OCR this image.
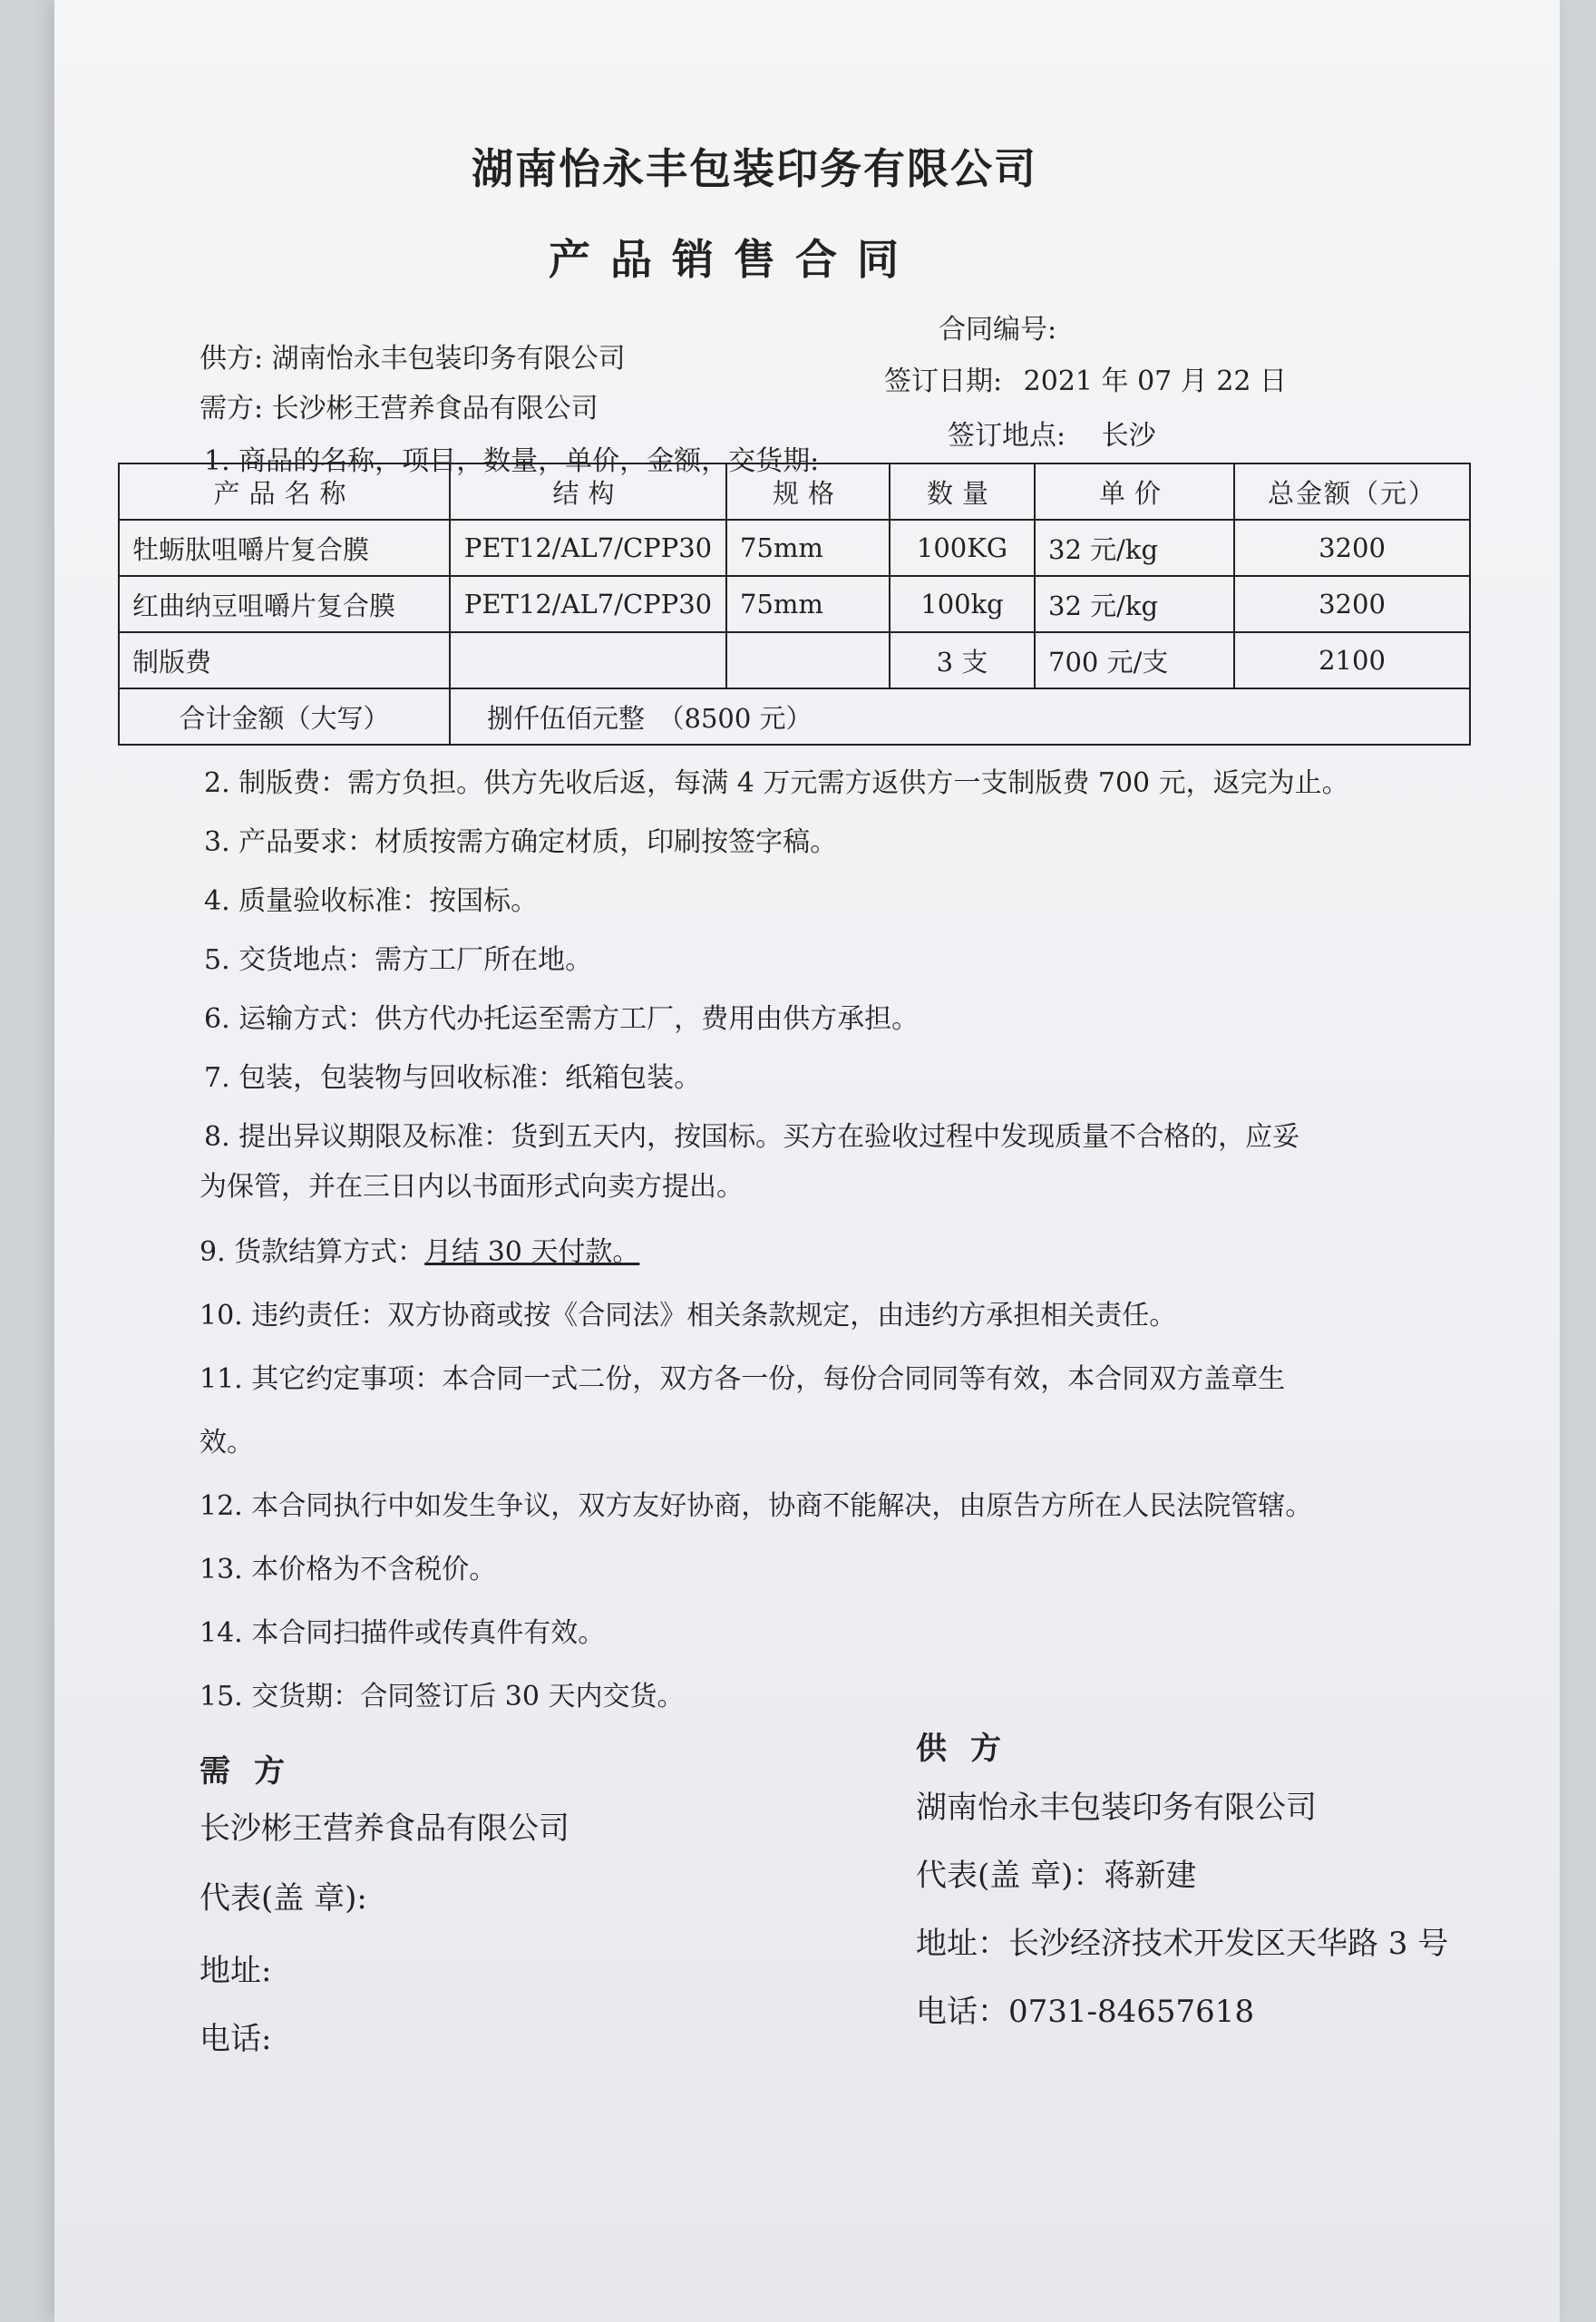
湖南怡永丰包装印务有限公司
产品销售合同
供方: 湖南怡永丰包装印务有限公司
合同编号:
需方: 长沙彬王营养食品有限公司
签订日期: 2021 年 07 月 22 日
1. 商品的名称，项目，数量，单价，金额，交货期:
签订地点: 长沙
产品名称	结构	规格	数量	单价	总金额（元）
牡蛎肽咀嚼片复合膜	PET12/AL7/CPP30	75mm	100KG	32 元/kg	3200
红曲纳豆咀嚼片复合膜	PET12/AL7/CPP30	75mm	100kg	32 元/kg	3200
制版费			3 支	700 元/支	2100
合计金额（大写）	捌仟伍佰元整　（8500 元）				
2. 制版费：需方负担。供方先收后返，每满 4 万元需方返供方一支制版费 700 元，返完为止。
3. 产品要求：材质按需方确定材质，印刷按签字稿。
4. 质量验收标准：按国标。
5. 交货地点：需方工厂所在地。
6. 运输方式：供方代办托运至需方工厂，费用由供方承担。
7. 包装，包装物与回收标准：纸箱包装。
8. 提出异议期限及标准：货到五天内，按国标。买方在验收过程中发现质量不合格的，应妥
为保管，并在三日内以书面形式向卖方提出。
9. 货款结算方式：月结 30 天付款。
10. 违约责任：双方协商或按《合同法》相关条款规定，由违约方承担相关责任。
11. 其它约定事项：本合同一式二份，双方各一份，每份合同同等有效，本合同双方盖章生
效。
12. 本合同执行中如发生争议，双方友好协商，协商不能解决，由原告方所在人民法院管辖。
13. 本价格为不含税价。
14. 本合同扫描件或传真件有效。
15. 交货期：合同签订后 30 天内交货。
需方
长沙彬王营养食品有限公司
代表(盖 章):
地址:
电话:
供方
湖南怡永丰包装印务有限公司
代表(盖 章)：蒋新建
地址：长沙经济技术开发区天华路 3 号
电话：0731-84657618
